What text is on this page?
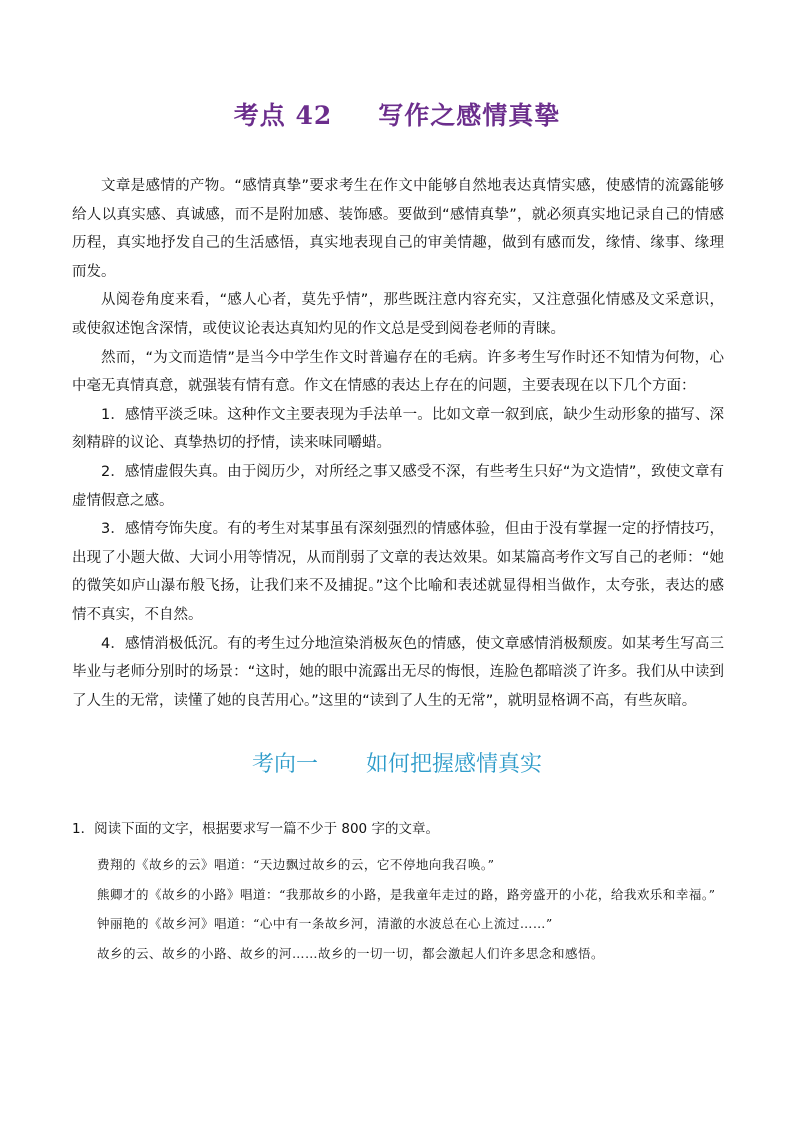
考点 42 写作之感情真挚

文章是感情的产物。“感情真挚”要求考生在作文中能够自然地表达真情实感，使感情的流露能够给人以真实感、真诚感，而不是附加感、装饰感。要做到“感情真挚”，就必须真实地记录自己的情感历程，真实地抒发自己的生活感悟，真实地表现自己的审美情趣，做到有感而发，缘情、缘事、缘理而发。

从阅卷角度来看，“感人心者，莫先乎情”，那些既注意内容充实，又注意强化情感及文采意识，或使叙述饱含深情，或使议论表达真知灼见的作文总是受到阅卷老师的青睐。

然而，“为文而造情”是当今中学生作文时普遍存在的毛病。许多考生写作时还不知情为何物，心中毫无真情真意，就强装有情有意。作文在情感的表达上存在的问题，主要表现在以下几个方面：

1．感情平淡乏味。这种作文主要表现为手法单一。比如文章一叙到底，缺少生动形象的描写、深刻精辟的议论、真挚热切的抒情，读来味同嚼蜡。

2．感情虚假失真。由于阅历少，对所经之事又感受不深，有些考生只好“为文造情”，致使文章有虚情假意之感。

3．感情夸饰失度。有的考生对某事虽有深刻强烈的情感体验，但由于没有掌握一定的抒情技巧，出现了小题大做、大词小用等情况，从而削弱了文章的表达效果。如某篇高考作文写自己的老师：“她的微笑如庐山瀑布般飞扬，让我们来不及捕捉。”这个比喻和表述就显得相当做作，太夸张，表达的感情不真实，不自然。

4．感情消极低沉。有的考生过分地渲染消极灰色的情感，使文章感情消极颓废。如某考生写高三毕业与老师分别时的场景：“这时，她的眼中流露出无尽的悔恨，连脸色都暗淡了许多。我们从中读到了人生的无常，读懂了她的良苦用心。”这里的“读到了人生的无常”，就明显格调不高，有些灰暗。

考向一 如何把握感情真实
1．阅读下面的文字，根据要求写一篇不少于 800 字的文章。

费翔的《故乡的云》唱道：“天边飘过故乡的云，它不停地向我召唤。”

熊卿才的《故乡的小路》唱道：“我那故乡的小路，是我童年走过的路，路旁盛开的小花，给我欢乐和幸福。”

钟丽艳的《故乡河》唱道：“心中有一条故乡河，清澈的水波总在心上流过……”

故乡的云、故乡的小路、故乡的河……故乡的一切一切，都会激起人们许多思念和感悟。
